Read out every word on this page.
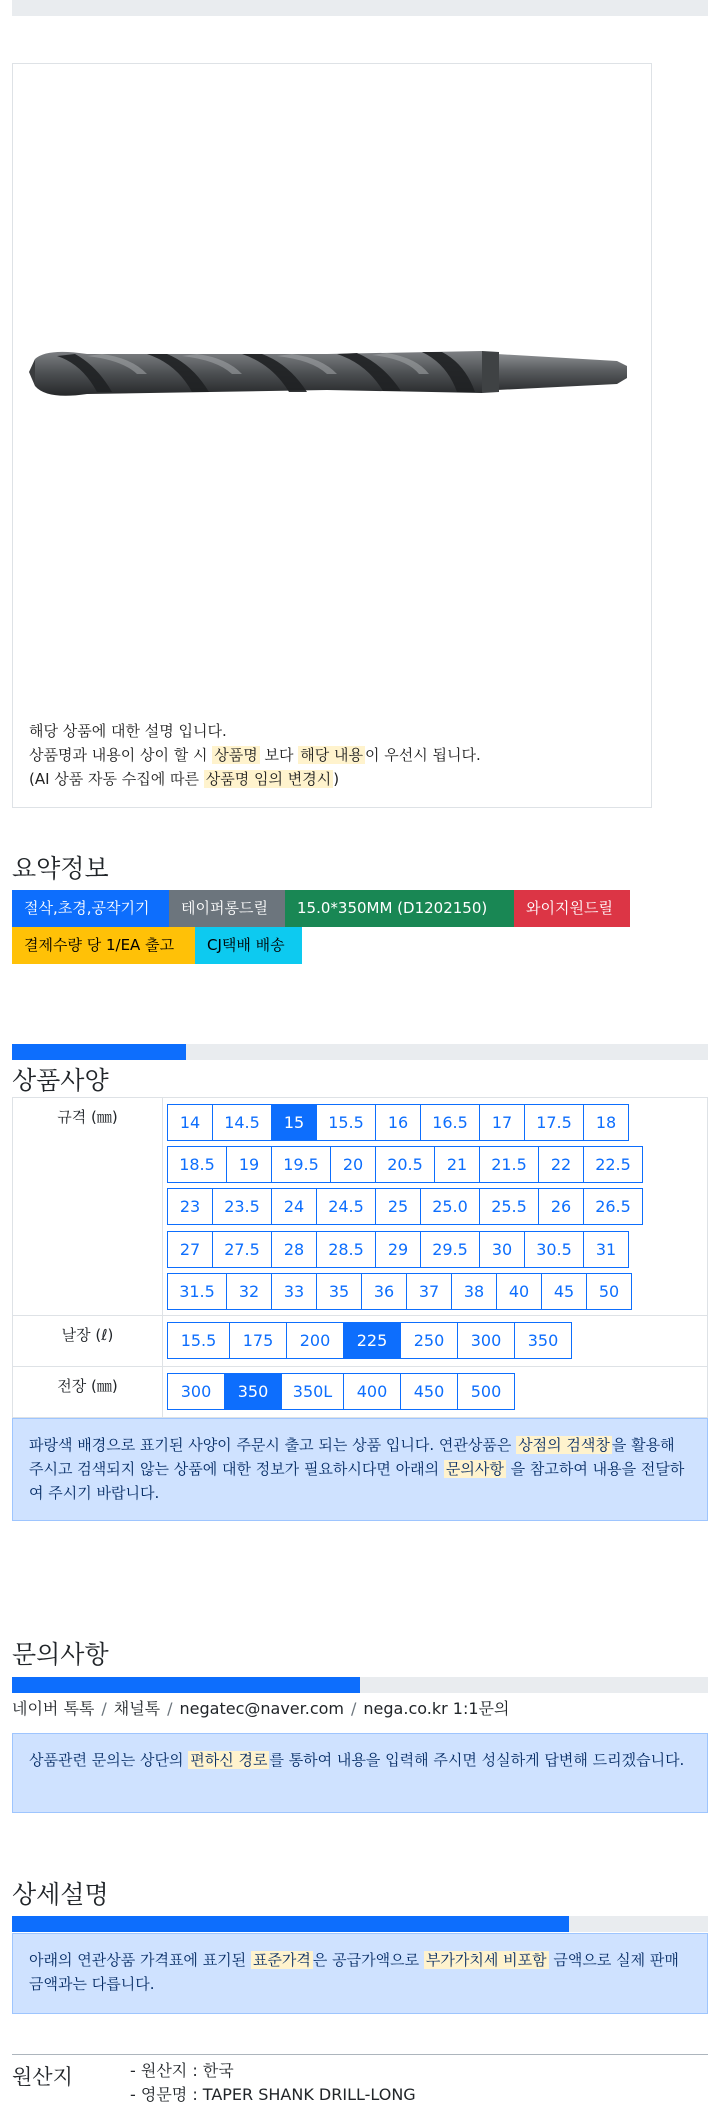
해당 상품에 대한 설명 입니다.
상품명과 내용이 상이 할 시 상품명 보다 해당 내용 이 우선시 됩니다.
(AI 상품 자동 수집에 따른 상품명 임의 변경시 )
요약정보
절삭,초경,공작기기	테이퍼롱드릴	15.0*350MM (D1202150)	와이지원드릴
결제수량 당 1/EA 출고	CJ택배 배송
상품사양
규격 (㎜)	14	14.5	15	15.5	16	16.5	17	17.5	18
18.5	19	19.5	20	20.5	21	21.5	22	22.5
23	23.5	24	24.5	25	25.0	25.5	26	26.5
27	27.5	28	28.5	29	29.5	30	30.5	31
31.5	32	33	35	36	37	38	40	45	50
날장 (ℓ)	15.5	175	200	225	250	300	350
전장 (㎜)	300	350	350L	400	450	500
파랑색 배경으로 표기된 사양이 주문시 출고 되는 상품 입니다. 연관상품은 상점의 검색창 을 활용해 주시고 검색되지 않는 상품에 대한 정보가 필요하시다면 아래의 문의사항 을 참고하여 내용을 전달하여 주시기 바랍니다.
문의사항
네이버 톡톡 / 채널톡 / negatec@naver.com / nega.co.kr 1:1문의
상품관련 문의는 상단의 편하신 경로 를 통하여 내용을 입력해 주시면 성실하게 답변해 드리겠습니다.
상세설명
아래의 연관상품 가격표에 표기된 표준가격 은 공급가액으로 부가가치세 비포함 금액으로 실제 판매금액과는 다릅니다.
원산지	- 원산지 : 한국
- 영문명 : TAPER SHANK DRILL-LONG
